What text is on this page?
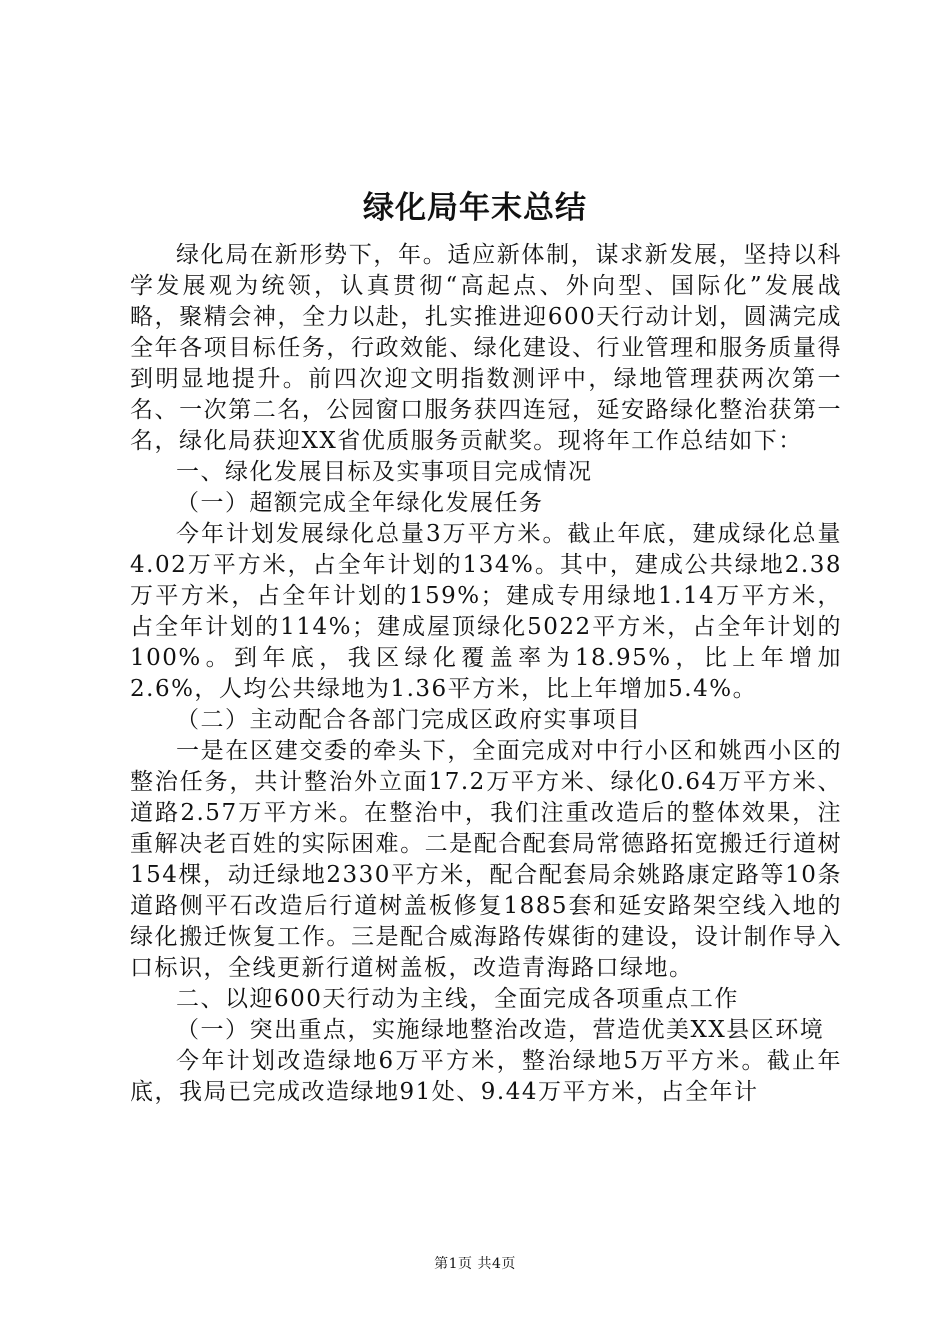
绿化局年末总结

绿化局在新形势下，年。适应新体制，谋求新发展，坚持以科学发展观为统领，认真贯彻“高起点、外向型、国际化”发展战略，聚精会神，全力以赴，扎实推进迎600天行动计划，圆满完成全年各项目标任务，行政效能、绿化建设、行业管理和服务质量得到明显地提升。前四次迎文明指数测评中，绿地管理获两次第一名、一次第二名，公园窗口服务获四连冠，延安路绿化整治获第一名，绿化局获迎XX省优质服务贡献奖。现将年工作总结如下：

一、绿化发展目标及实事项目完成情况

（一）超额完成全年绿化发展任务

今年计划发展绿化总量3万平方米。截止年底，建成绿化总量4.02万平方米，占全年计划的134%。其中，建成公共绿地2.38万平方米，占全年计划的159%；建成专用绿地1.14万平方米，占全年计划的114%；建成屋顶绿化5022平方米，占全年计划的100%。到年底，我区绿化覆盖率为18.95%，比上年增加2.6%，人均公共绿地为1.36平方米，比上年增加5.4%。

（二）主动配合各部门完成区政府实事项目

一是在区建交委的牵头下，全面完成对中行小区和姚西小区的整治任务，共计整治外立面17.2万平方米、绿化0.64万平方米、道路2.57万平方米。在整治中，我们注重改造后的整体效果，注重解决老百姓的实际困难。二是配合配套局常德路拓宽搬迁行道树154棵，动迁绿地2330平方米，配合配套局余姚路康定路等10条道路侧平石改造后行道树盖板修复1885套和延安路架空线入地的绿化搬迁恢复工作。三是配合威海路传媒街的建设，设计制作导入口标识，全线更新行道树盖板，改造青海路口绿地。

二、以迎600天行动为主线，全面完成各项重点工作

（一）突出重点，实施绿地整治改造，营造优美XX县区环境

今年计划改造绿地6万平方米，整治绿地5万平方米。截止年底，我局已完成改造绿地91处、9.44万平方米，占全年计

第1页 共4页
